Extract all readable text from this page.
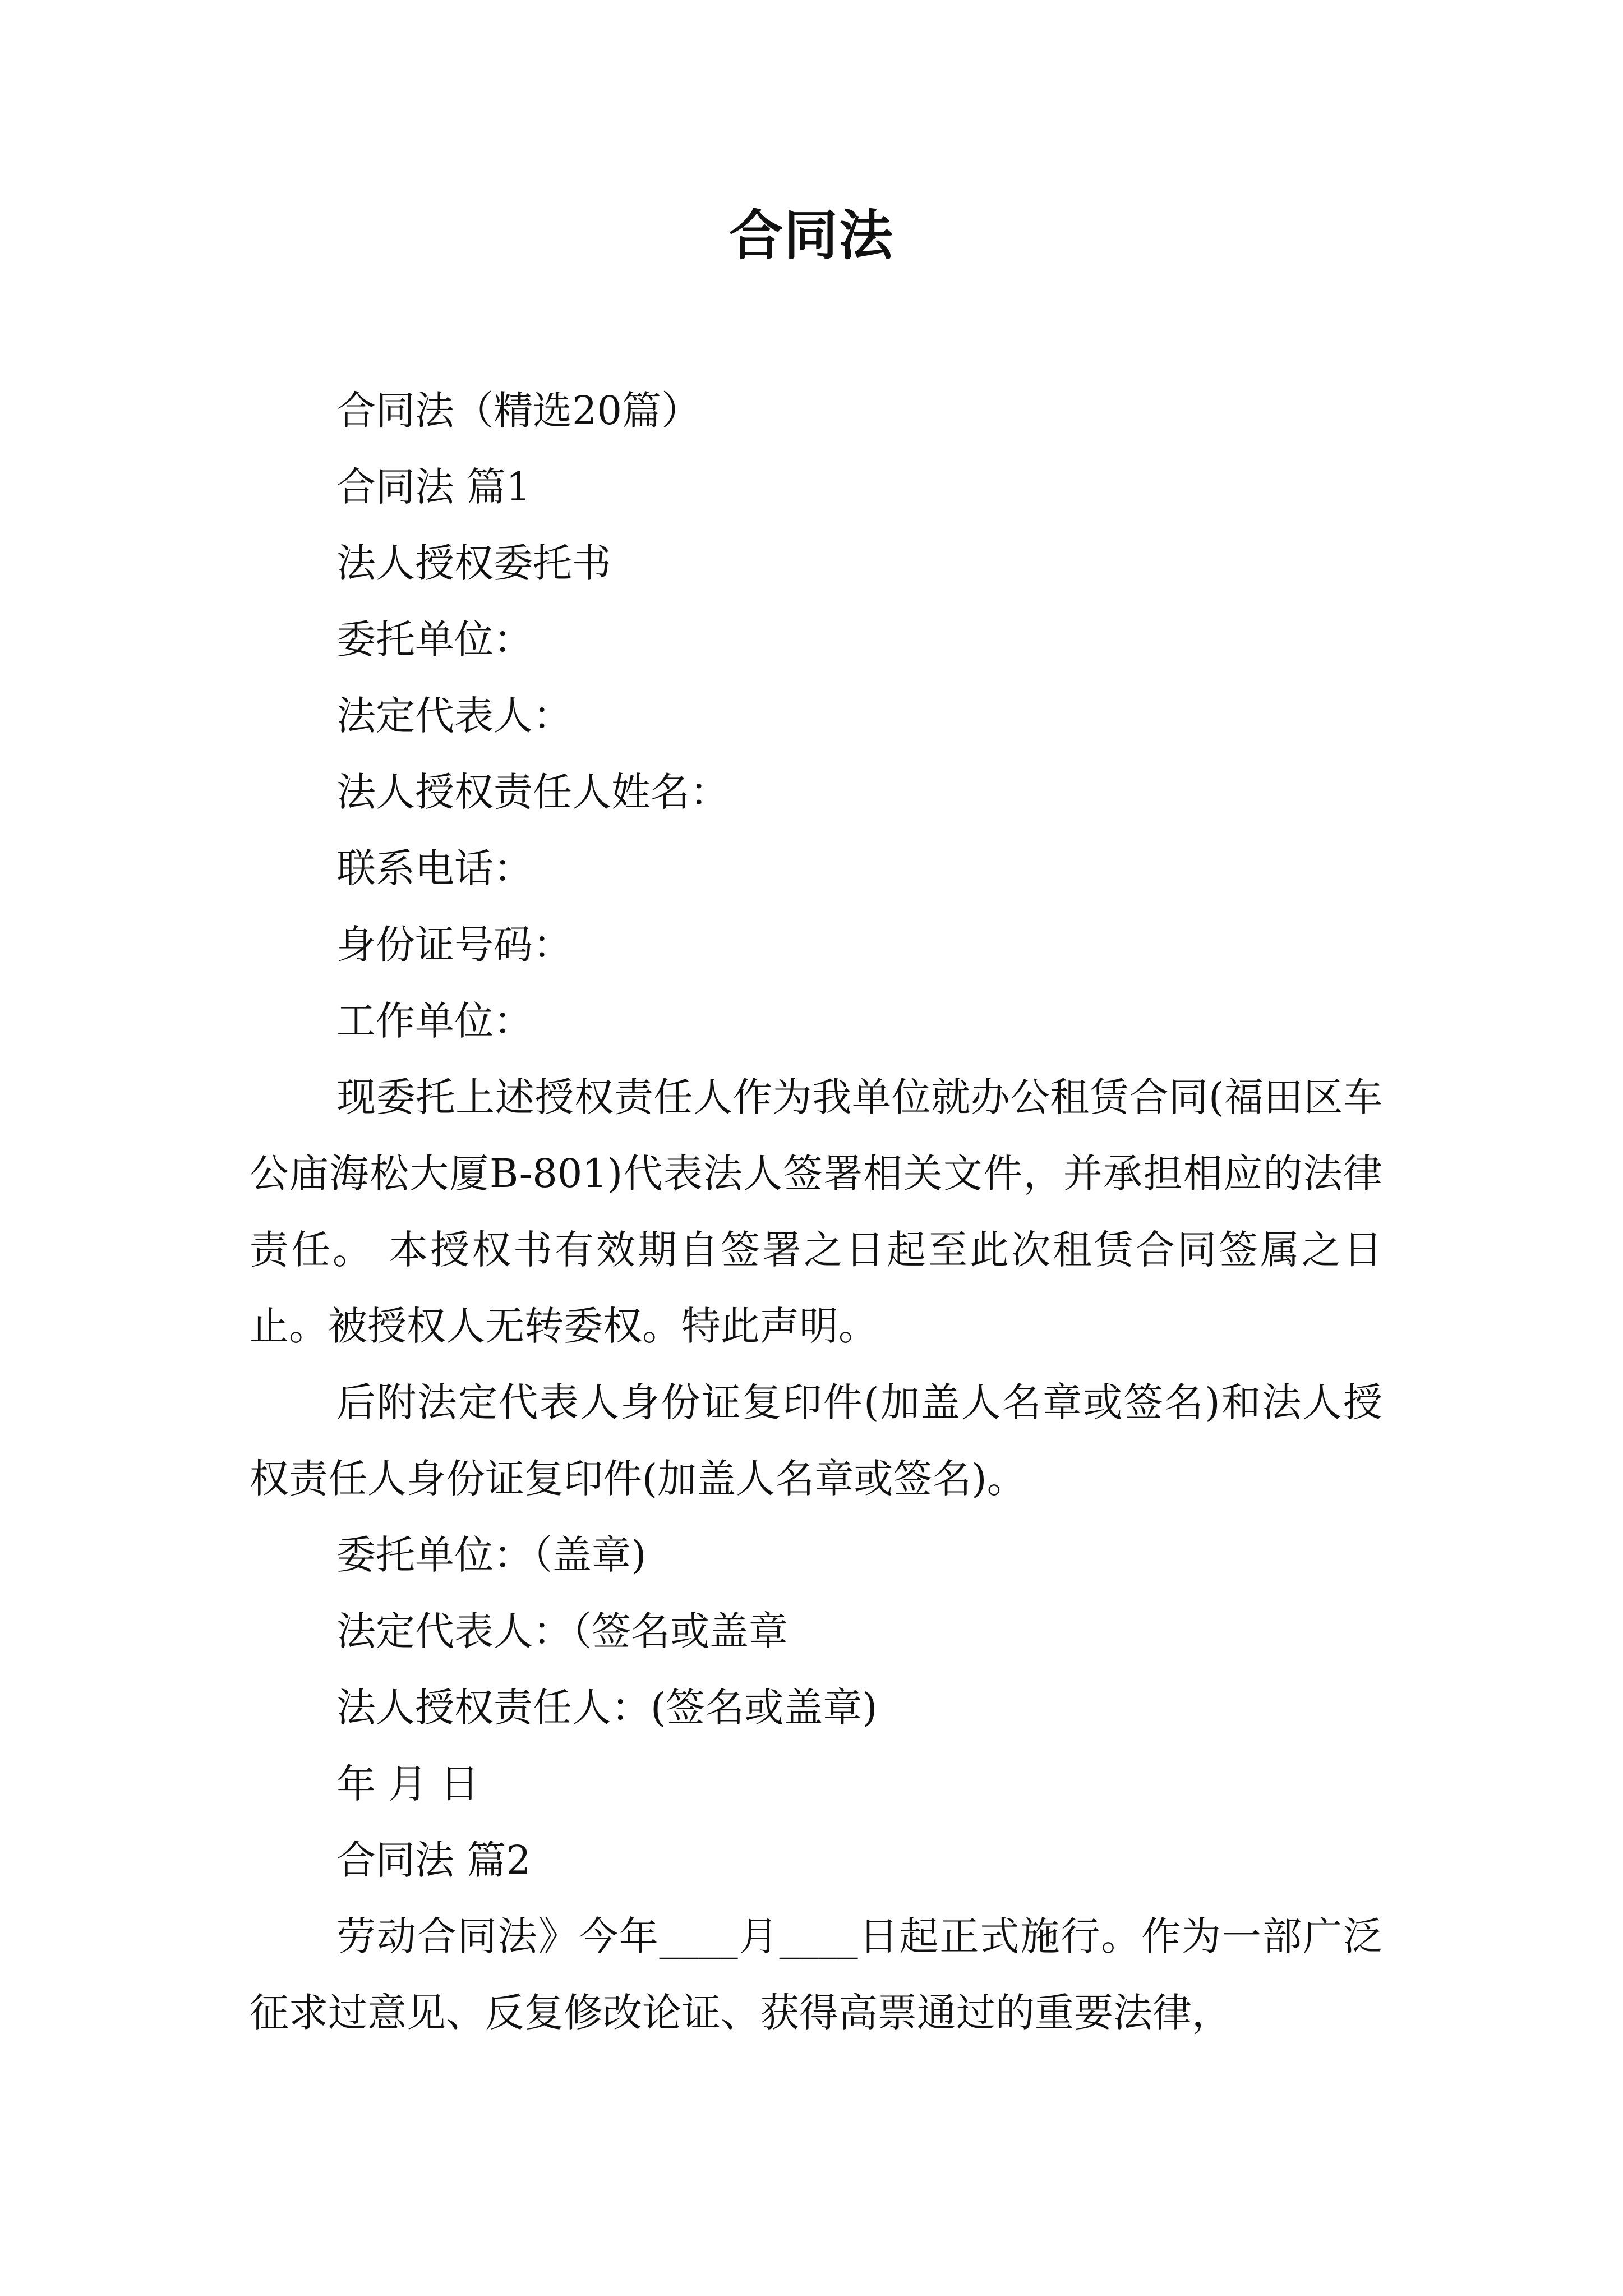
合同法

合同法（精选20篇）

合同法 篇1

法人授权委托书

委托单位：

法定代表人：

法人授权责任人姓名：

联系电话：

身份证号码：

工作单位：

现委托上述授权责任人作为我单位就办公租赁合同(福田区车公庙海松大厦B-801)代表法人签署相关文件，并承担相应的法律责任。 本授权书有效期自签署之日起至此次租赁合同签属之日止。被授权人无转委权。特此声明。

后附法定代表人身份证复印件(加盖人名章或签名)和法人授权责任人身份证复印件(加盖人名章或签名)。

委托单位：（盖章)

法定代表人：（签名或盖章

法人授权责任人：(签名或盖章)

年 月 日

合同法 篇2

劳动合同法》今年____月____日起正式施行。作为一部广泛征求过意见、反复修改论证、获得高票通过的重要法律，
